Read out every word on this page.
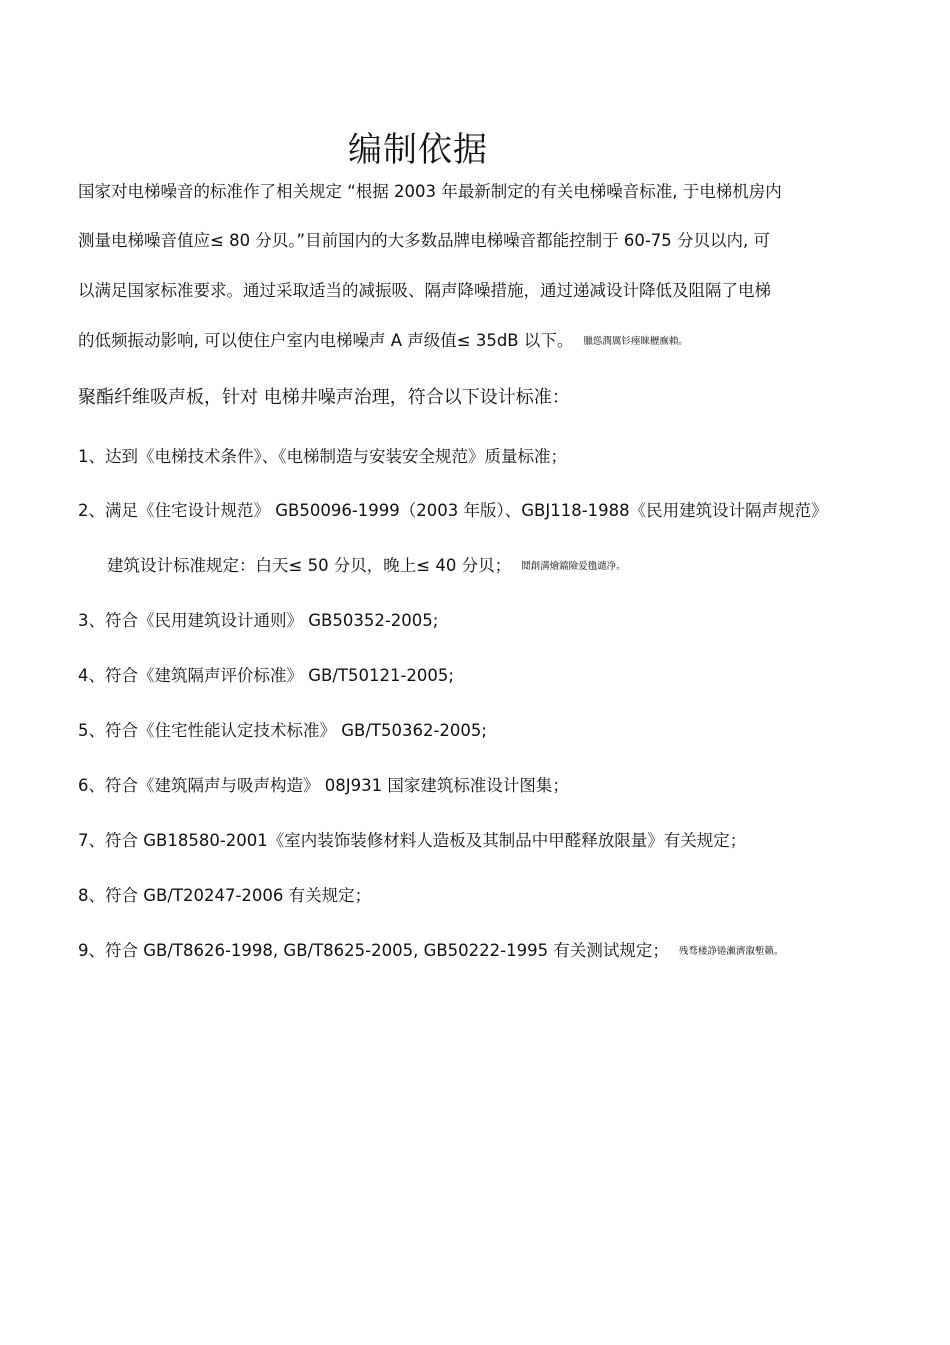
编制依据
国家对电梯噪音的标准作了相关规定 “根据 2003 年最新制定的有关电梯噪音标准, 于电梯机房内
测量电梯噪音值应≤ 80 分贝。”目前国内的大多数品牌电梯噪音都能控制于 60-75 分贝以内, 可
以满足国家标准要求。通过采取适当的减振吸、隔声降噪措施，通过递减设计降低及阻隔了电梯
的低频振动影响, 可以使住户室内电梯噪声 A 声级值≤ 35dB 以下。 臘慫潤厲钐瘞睞櫪廡賴。
聚酯纤维吸声板，针对 电梯井噪声治理，符合以下设计标准：
1、达到《电梯技术条件》、《电梯制造与安装安全规范》质量标准；
2、满足《住宅设计规范》 GB50096-1999（2003 年版）、GBJ118-1988《民用建筑设计隔声规范》
建筑设计标准规定：白天≤ 50 分贝，晚上≤ 40 分贝； 鬩創溝燴鐺險爱氇谴净。
3、符合《民用建筑设计通则》 GB50352-2005;
4、符合《建筑隔声评价标准》 GB/T50121-2005;
5、符合《住宅性能认定技术标准》 GB/T50362-2005;
6、符合《建筑隔声与吸声构造》 08J931 国家建筑标准设计图集；
7、符合 GB18580-2001《室内装饰装修材料人造板及其制品中甲醛释放限量》有关规定；
8、符合 GB/T20247-2006 有关规定；
9、符合 GB/T8626-1998, GB/T8625-2005, GB50222-1995 有关测试规定； 残骛楼諍锩瀨濟溆塹籟。
